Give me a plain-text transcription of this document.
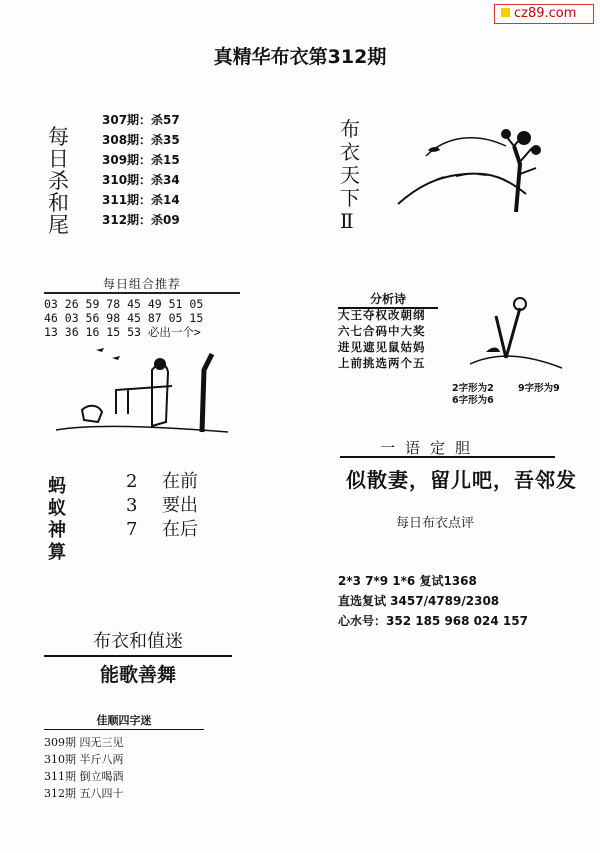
cz89.com
真精华布衣第312期
每
日
杀
和
尾
307期：杀57
308期：杀35
309期：杀15
310期：杀34
311期：杀14
312期：杀09
布
衣
天
下
Ⅱ
每日组合推荐
03 26 59 78 45 49 51 05
46 03 56 98 45 87 05 15
13 36 16 15 53 必出一个>
分析诗
大王夺权改朝纲
六七合码中大奖
进见遮见鼠姑妈
上前挑选两个五
2字形为2	9字形为9
6字形为6
蚂
蚁
神
算
2 在前
3 要出
7 在后
一语定胆
似散妻，留儿吧，吾邻发
每日布衣点评
2*3 7*9 1*6 复试1368
直选复试 3457/4789/2308
心水号：352 185 968 024 157
布衣和值迷
能歌善舞
佳顺四字迷
309期 四无三见
310期 半斤八两
311期 倒立喝酒
312期 五八四十
